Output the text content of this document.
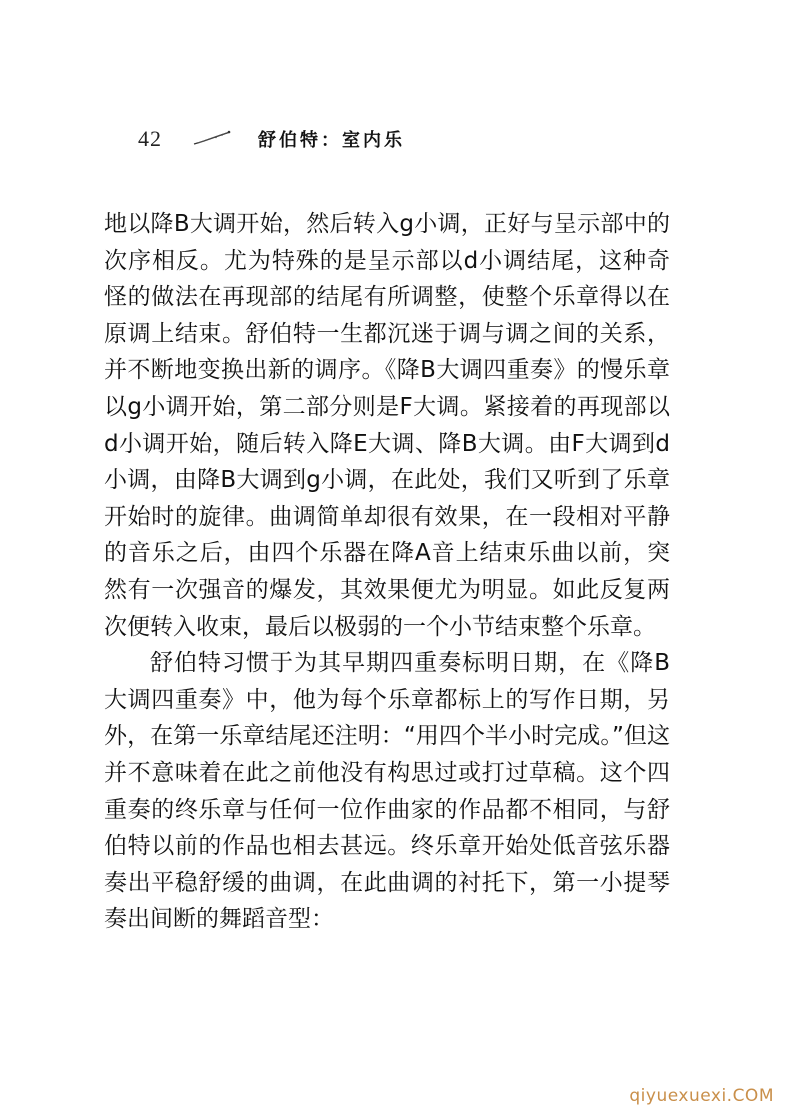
42	舒伯特：室内乐

地以降B大调开始，然后转入g小调，正好与呈示部中的次序相反。尤为特殊的是呈示部以d小调结尾，这种奇怪的做法在再现部的结尾有所调整，使整个乐章得以在原调上结束。舒伯特一生都沉迷于调与调之间的关系，并不断地变换出新的调序。《降B大调四重奏》的慢乐章以g小调开始，第二部分则是F大调。紧接着的再现部以d小调开始，随后转入降E大调、降B大调。由F大调到d小调，由降B大调到g小调，在此处，我们又听到了乐章开始时的旋律。曲调简单却很有效果，在一段相对平静的音乐之后，由四个乐器在降A音上结束乐曲以前，突然有一次强音的爆发，其效果便尤为明显。如此反复两次便转入收束，最后以极弱的一个小节结束整个乐章。

舒伯特习惯于为其早期四重奏标明日期，在《降B大调四重奏》中，他为每个乐章都标上的写作日期，另外，在第一乐章结尾还注明：“用四个半小时完成。”但这并不意味着在此之前他没有构思过或打过草稿。这个四重奏的终乐章与任何一位作曲家的作品都不相同，与舒伯特以前的作品也相去甚远。终乐章开始处低音弦乐器奏出平稳舒缓的曲调，在此曲调的衬托下，第一小提琴奏出间断的舞蹈音型：

qiyuexuexi.COM
